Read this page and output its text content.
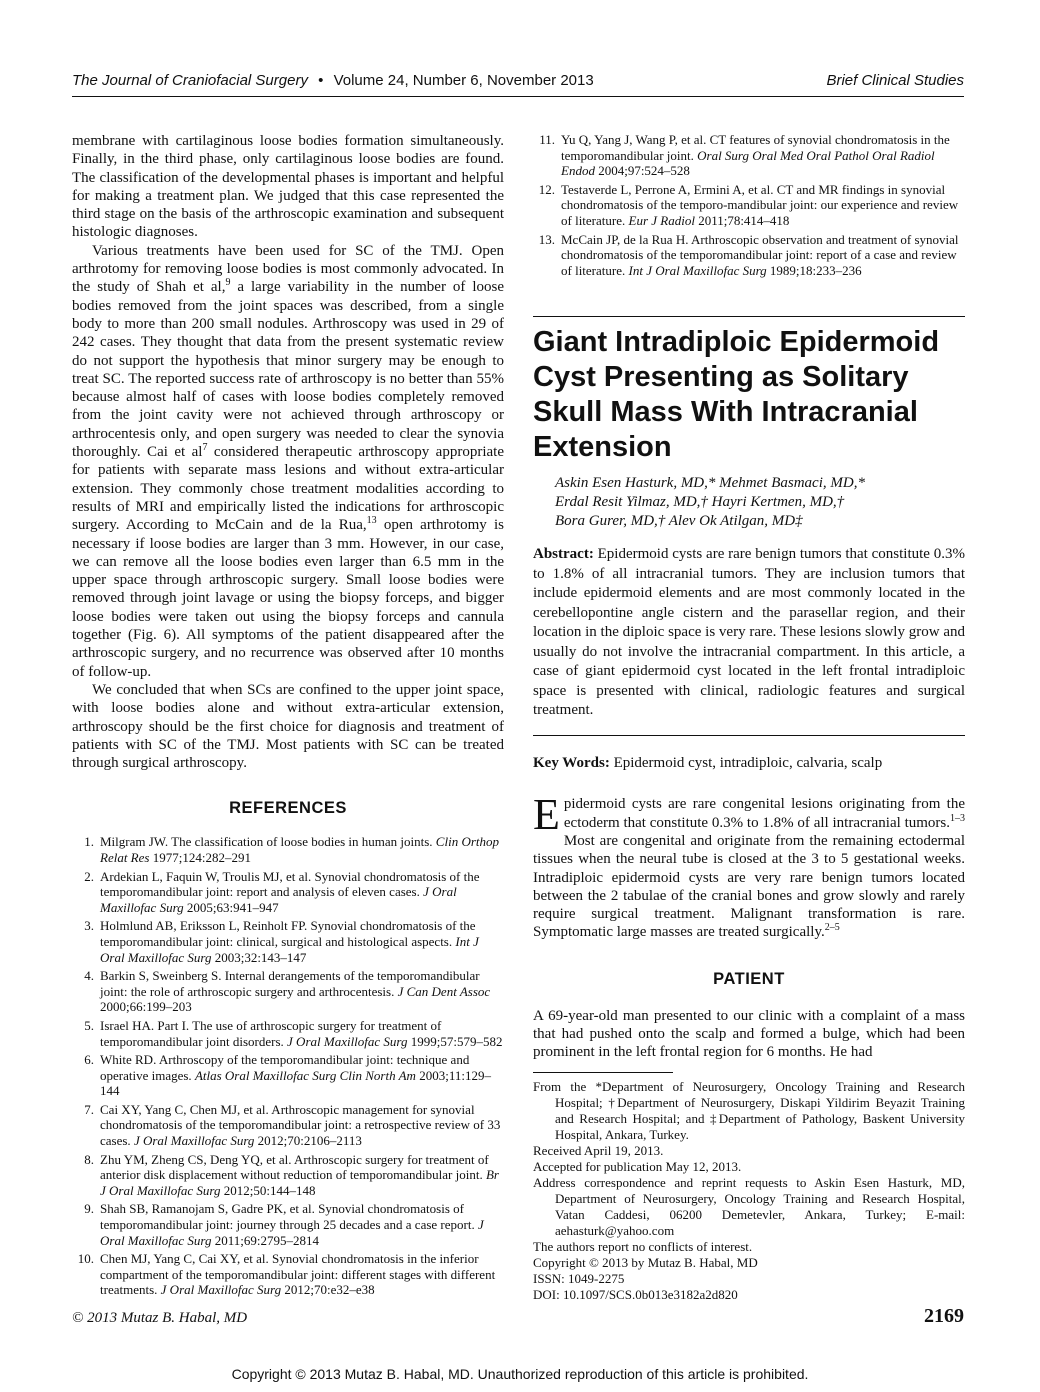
The Journal of Craniofacial Surgery • Volume 24, Number 6, November 2013	Brief Clinical Studies

membrane with cartilaginous loose bodies formation simultaneously. Finally, in the third phase, only cartilaginous loose bodies are found. The classification of the developmental phases is important and helpful for making a treatment plan. We judged that this case represented the third stage on the basis of the arthroscopic examination and subsequent histologic diagnoses.

Various treatments have been used for SC of the TMJ. Open arthrotomy for removing loose bodies is most commonly advocated. In the study of Shah et al,$^9$ a large variability in the number of loose bodies removed from the joint spaces was described, from a single body to more than 200 small nodules. Arthroscopy was used in 29 of 242 cases. They thought that data from the present systematic review do not support the hypothesis that minor surgery may be enough to treat SC. The reported success rate of arthroscopy is no better than 55% because almost half of cases with loose bodies completely removed from the joint cavity were not achieved through arthroscopy or arthrocentesis only, and open surgery was needed to clear the synovia thoroughly. Cai et $al^7$ considered therapeutic arthroscopy appropriate for patients with separate mass lesions and without extra-articular extension. They commonly chose treatment modalities according to results of MRI and empirically listed the indications for arthroscopic surgery. According to McCain and de la Rua,$^{13}$ open arthrotomy is necessary if loose bodies are larger than 3 mm. However, in our case, we can remove all the loose bodies even larger than 6.5 mm in the upper space through arthroscopic surgery. Small loose bodies were removed through joint lavage or using the biopsy forceps, and bigger loose bodies were taken out using the biopsy forceps and cannula together (Fig. 6). All symptoms of the patient disappeared after the arthroscopic surgery, and no recurrence was observed after 10 months of follow-up.

We concluded that when SCs are confined to the upper joint space, with loose bodies alone and without extra-articular extension, arthroscopy should be the first choice for diagnosis and treatment of patients with SC of the TMJ. Most patients with SC can be treated through surgical arthroscopy.

REFERENCES
1. Milgram JW. The classification of loose bodies in human joints. Clin Orthop Relat Res 1977;124:282–291
2. Ardekian L, Faquin W, Troulis MJ, et al. Synovial chondromatosis of the temporomandibular joint: report and analysis of eleven cases. J Oral Maxillofac Surg 2005;63:941–947
3. Holmlund AB, Eriksson L, Reinholt FP. Synovial chondromatosis of the temporomandibular joint: clinical, surgical and histological aspects. Int J Oral Maxillofac Surg 2003;32:143–147
4. Barkin S, Sweinberg S. Internal derangements of the temporomandibular joint: the role of arthroscopic surgery and arthrocentesis. J Can Dent Assoc 2000;66:199–203
5. Israel HA. Part I. The use of arthroscopic surgery for treatment of temporomandibular joint disorders. J Oral Maxillofac Surg 1999;57:579–582
6. White RD. Arthroscopy of the temporomandibular joint: technique and operative images. Atlas Oral Maxillofac Surg Clin North Am 2003;11:129–144
7. Cai XY, Yang C, Chen MJ, et al. Arthroscopic management for synovial chondromatosis of the temporomandibular joint: a retrospective review of 33 cases. J Oral Maxillofac Surg 2012;70:2106–2113
8. Zhu YM, Zheng CS, Deng YQ, et al. Arthroscopic surgery for treatment of anterior disk displacement without reduction of temporomandibular joint. Br J Oral Maxillofac Surg 2012;50:144–148
9. Shah SB, Ramanojam S, Gadre PK, et al. Synovial chondromatosis of temporomandibular joint: journey through 25 decades and a case report. J Oral Maxillofac Surg 2011;69:2795–2814
10. Chen MJ, Yang C, Cai XY, et al. Synovial chondromatosis in the inferior compartment of the temporomandibular joint: different stages with different treatments. J Oral Maxillofac Surg 2012;70:e32–e38
11. Yu Q, Yang J, Wang P, et al. CT features of synovial chondromatosis in the temporomandibular joint. Oral Surg Oral Med Oral Pathol Oral Radiol Endod 2004;97:524–528
12. Testaverde L, Perrone A, Ermini A, et al. CT and MR findings in synovial chondromatosis of the temporo-mandibular joint: our experience and review of literature. Eur J Radiol 2011;78:414–418
13. McCain JP, de la Rua H. Arthroscopic observation and treatment of synovial chondromatosis of the temporomandibular joint: report of a case and review of literature. Int J Oral Maxillofac Surg 1989;18:233–236
Giant Intradiploic Epidermoid Cyst Presenting as Solitary Skull Mass With Intracranial Extension

Askin Esen Hasturk, MD,* Mehmet Basmaci, MD,*

Erdal Resit Yilmaz, MD,† Hayri Kertmen, MD,†

Bora Gurer, MD,† Alev Ok Atilgan, MD‡

Abstract: Epidermoid cysts are rare benign tumors that constitute 0.3% to 1.8% of all intracranial tumors. They are inclusion tumors that include epidermoid elements and are most commonly located in the cerebellopontine angle cistern and the parasellar region, and their location in the diploic space is very rare. These lesions slowly grow and usually do not involve the intracranial compartment. In this article, a case of giant epidermoid cyst located in the left frontal intradiploic space is presented with clinical, radiologic features and surgical treatment.

Key Words: Epidermoid cyst, intradiploic, calvaria, scalp

Epidermoid cysts are rare congenital lesions originating from the ectoderm that constitute 0.3% to 1.8% of all intracranial tumors.$^{1-3}$ Most are congenital and originate from the remaining ectodermal tissues when the neural tube is closed at the 3 to 5 gestational weeks. Intradiploic epidermoid cysts are very rare benign tumors located between the 2 tabulae of the cranial bones and grow slowly and rarely require surgical treatment. Malignant transformation is rare. Symptomatic large masses are treated surgically.$^{2-5}$

PATIENT

A 69-year-old man presented to our clinic with a complaint of a mass that had pushed onto the scalp and formed a bulge, which had been prominent in the left frontal region for 6 months. He had

From the *Department of Neurosurgery, Oncology Training and Research Hospital; †Department of Neurosurgery, Diskapi Yildirim Beyazit Training and Research Hospital; and ‡Department of Pathology, Baskent University Hospital, Ankara, Turkey.
Received April 19, 2013.
Accepted for publication May 12, 2013.
Address correspondence and reprint requests to Askin Esen Hasturk, MD, Department of Neurosurgery, Oncology Training and Research Hospital, Vatan Caddesi, 06200 Demetevler, Ankara, Turkey; E-mail: aehasturk@yahoo.com
The authors report no conflicts of interest.
Copyright © 2013 by Mutaz B. Habal, MD
ISSN: 1049-2275
DOI: 10.1097/SCS.0b013e3182a2d820
© 2013 Mutaz B. Habal, MD	2169
Copyright © 2013 Mutaz B. Habal, MD. Unauthorized reproduction of this article is prohibited.
